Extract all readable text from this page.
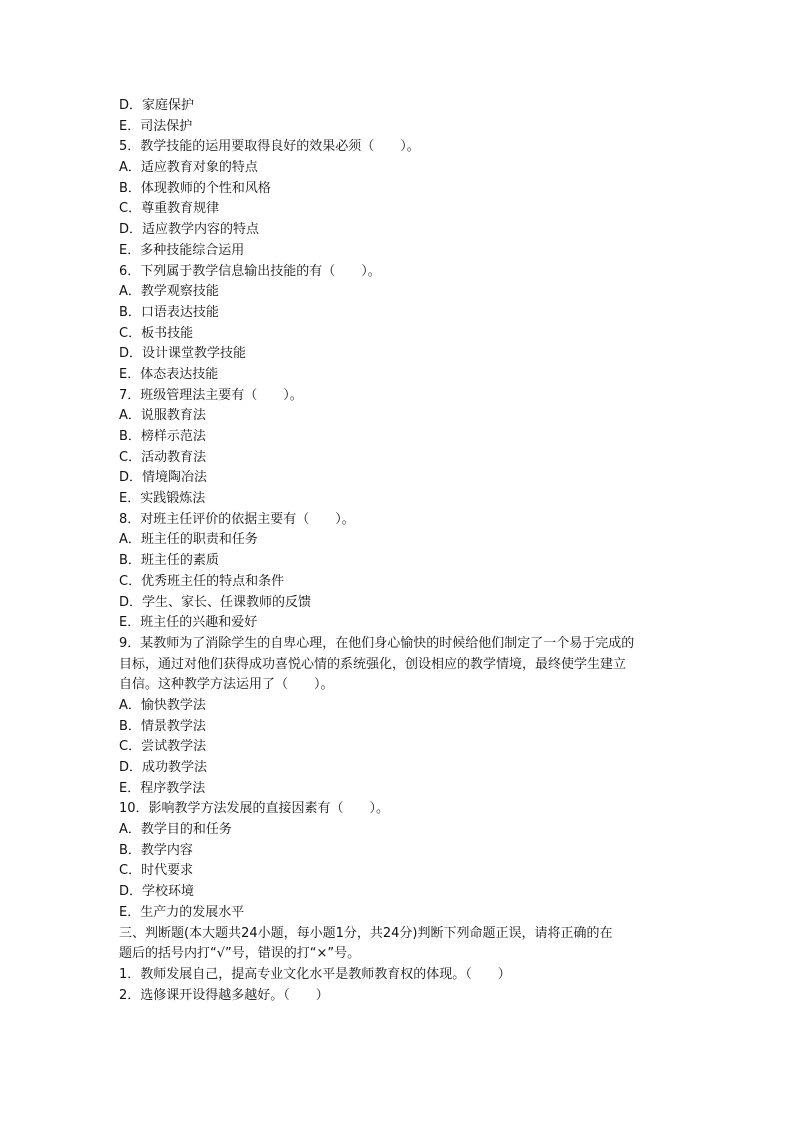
D．家庭保护
E．司法保护
5．教学技能的运用要取得良好的效果必须（　　）。
A．适应教育对象的特点
B．体现教师的个性和风格
C．尊重教育规律
D．适应教学内容的特点
E．多种技能综合运用
6．下列属于教学信息输出技能的有（　　）。
A．教学观察技能
B．口语表达技能
C．板书技能
D．设计课堂教学技能
E．体态表达技能
7．班级管理法主要有（　　）。
A．说服教育法
B．榜样示范法
C．活动教育法
D．情境陶冶法
E．实践锻炼法
8．对班主任评价的依据主要有（　　）。
A．班主任的职责和任务
B．班主任的素质
C．优秀班主任的特点和条件
D．学生、家长、任课教师的反馈
E．班主任的兴趣和爱好
9．某教师为了消除学生的自卑心理，在他们身心愉快的时候给他们制定了一个易于完成的
目标，通过对他们获得成功喜悦心情的系统强化，创设相应的教学情境，最终使学生建立
自信。这种教学方法运用了（　　）。
A．愉快教学法
B．情景教学法
C．尝试教学法
D．成功教学法
E．程序教学法
10．影响教学方法发展的直接因素有（　　）。
A．教学目的和任务
B．教学内容
C．时代要求
D．学校环境
E．生产力的发展水平
三、判断题(本大题共24小题，每小题1分，共24分)判断下列命题正误，请将正确的在
题后的括号内打“√”号，错误的打“×”号。
1．教师发展自己，提高专业文化水平是教师教育权的体现。（　　）
2．选修课开设得越多越好。（　　）
